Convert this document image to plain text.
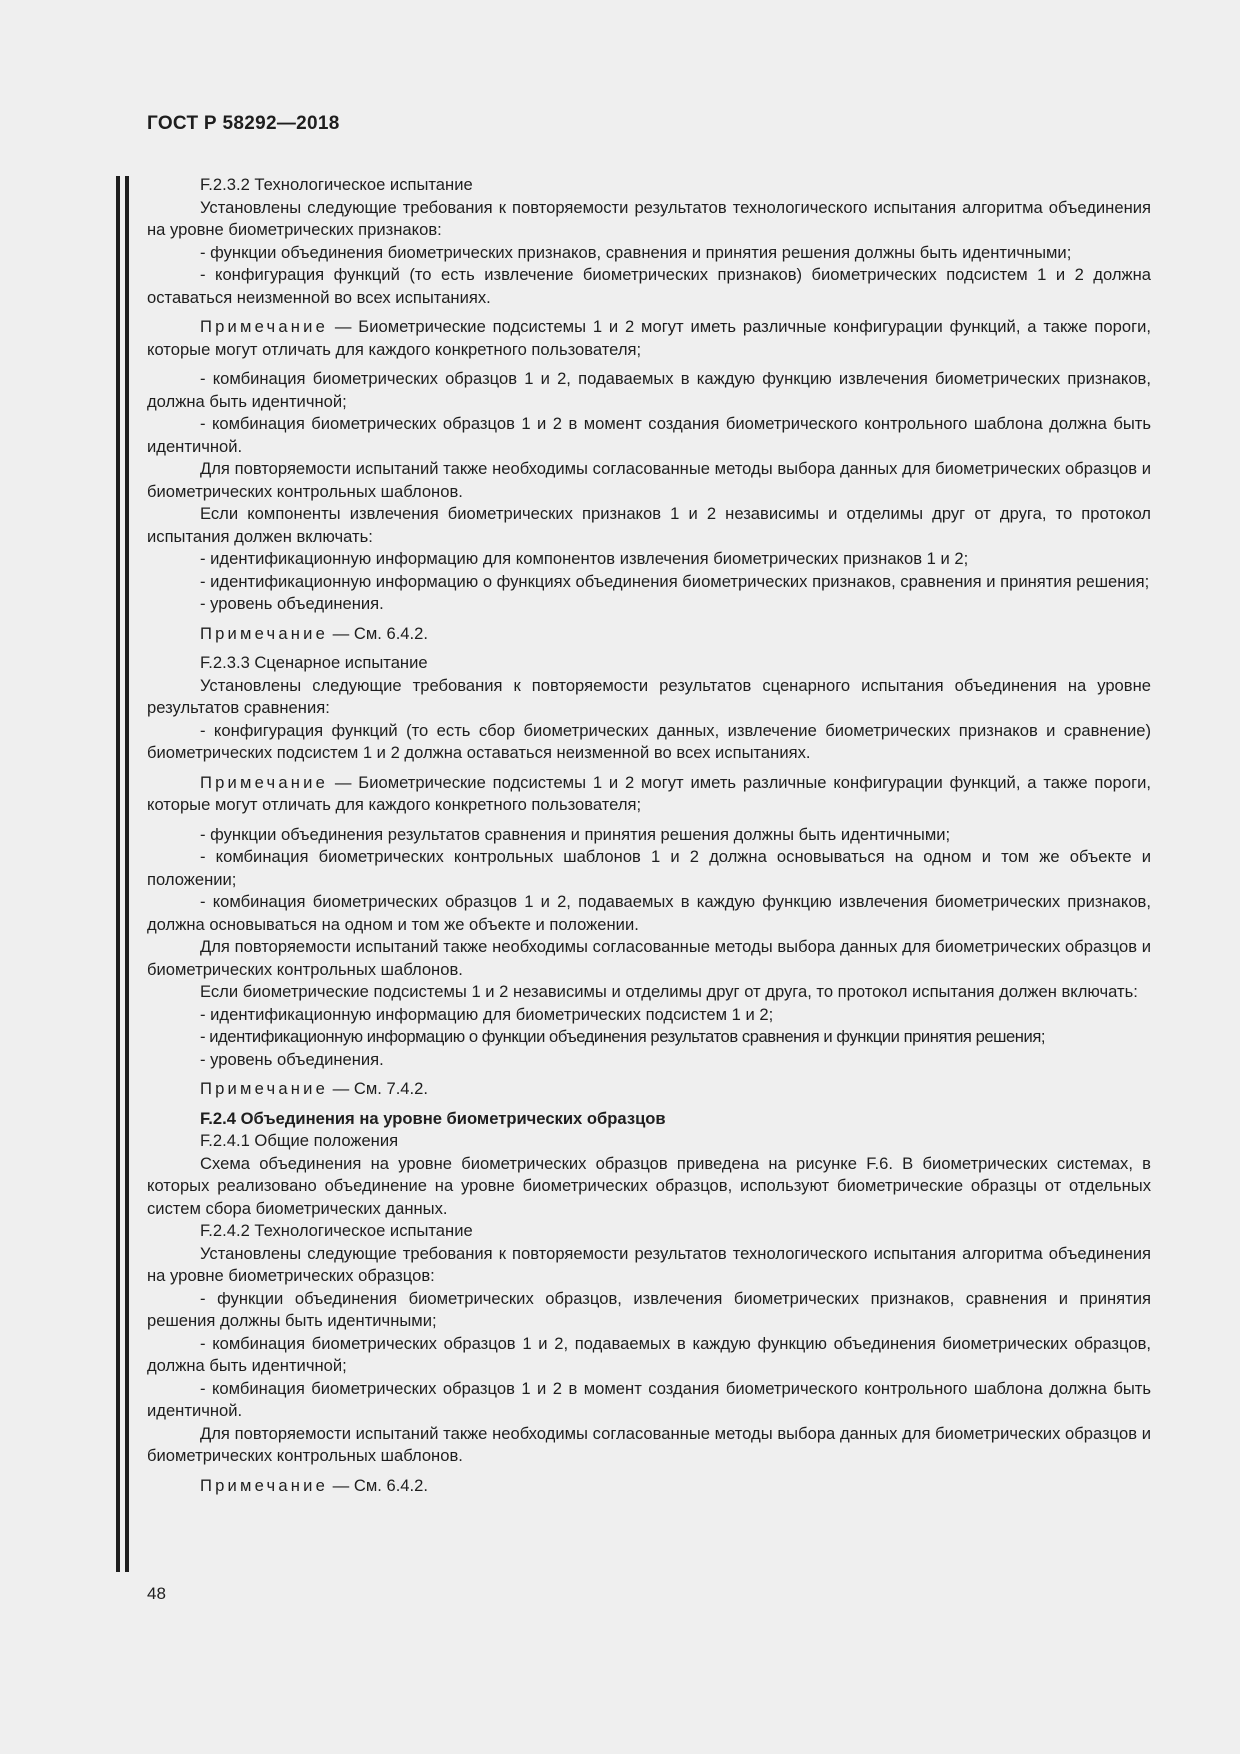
ГОСТ Р 58292—2018

F.2.3.2 Технологическое испытание

Установлены следующие требования к повторяемости результатов технологического испытания алгоритма объединения на уровне биометрических признаков:

- функции объединения биометрических признаков, сравнения и принятия решения должны быть идентичными;

- конфигурация функций (то есть извлечение биометрических признаков) биометрических подсистем 1 и 2 должна оставаться неизменной во всех испытаниях.

Примечание — Биометрические подсистемы 1 и 2 могут иметь различные конфигурации функций, а также пороги, которые могут отличать для каждого конкретного пользователя;

- комбинация биометрических образцов 1 и 2, подаваемых в каждую функцию извлечения биометрических признаков, должна быть идентичной;

- комбинация биометрических образцов 1 и 2 в момент создания биометрического контрольного шаблона должна быть идентичной.

Для повторяемости испытаний также необходимы согласованные методы выбора данных для биометрических образцов и биометрических контрольных шаблонов.

Если компоненты извлечения биометрических признаков 1 и 2 независимы и отделимы друг от друга, то протокол испытания должен включать:

- идентификационную информацию для компонентов извлечения биометрических признаков 1 и 2;

- идентификационную информацию о функциях объединения биометрических признаков, сравнения и принятия решения;

- уровень объединения.

Примечание — См. 6.4.2.

F.2.3.3 Сценарное испытание

Установлены следующие требования к повторяемости результатов сценарного испытания объединения на уровне результатов сравнения:

- конфигурация функций (то есть сбор биометрических данных, извлечение биометрических признаков и сравнение) биометрических подсистем 1 и 2 должна оставаться неизменной во всех испытаниях.

Примечание — Биометрические подсистемы 1 и 2 могут иметь различные конфигурации функций, а также пороги, которые могут отличать для каждого конкретного пользователя;

- функции объединения результатов сравнения и принятия решения должны быть идентичными;

- комбинация биометрических контрольных шаблонов 1 и 2 должна основываться на одном и том же объекте и положении;

- комбинация биометрических образцов 1 и 2, подаваемых в каждую функцию извлечения биометрических признаков, должна основываться на одном и том же объекте и положении.

Для повторяемости испытаний также необходимы согласованные методы выбора данных для биометрических образцов и биометрических контрольных шаблонов.

Если биометрические подсистемы 1 и 2 независимы и отделимы друг от друга, то протокол испытания должен включать:

- идентификационную информацию для биометрических подсистем 1 и 2;

- идентификационную информацию о функции объединения результатов сравнения и функции принятия решения;

- уровень объединения.

Примечание — См. 7.4.2.

F.2.4 Объединения на уровне биометрических образцов

F.2.4.1 Общие положения

Схема объединения на уровне биометрических образцов приведена на рисунке F.6. В биометрических системах, в которых реализовано объединение на уровне биометрических образцов, используют биометрические образцы от отдельных систем сбора биометрических данных.

F.2.4.2 Технологическое испытание

Установлены следующие требования к повторяемости результатов технологического испытания алгоритма объединения на уровне биометрических образцов:

- функции объединения биометрических образцов, извлечения биометрических признаков, сравнения и принятия решения должны быть идентичными;

- комбинация биометрических образцов 1 и 2, подаваемых в каждую функцию объединения биометрических образцов, должна быть идентичной;

- комбинация биометрических образцов 1 и 2 в момент создания биометрического контрольного шаблона должна быть идентичной.

Для повторяемости испытаний также необходимы согласованные методы выбора данных для биометрических образцов и биометрических контрольных шаблонов.

Примечание — См. 6.4.2.

48
